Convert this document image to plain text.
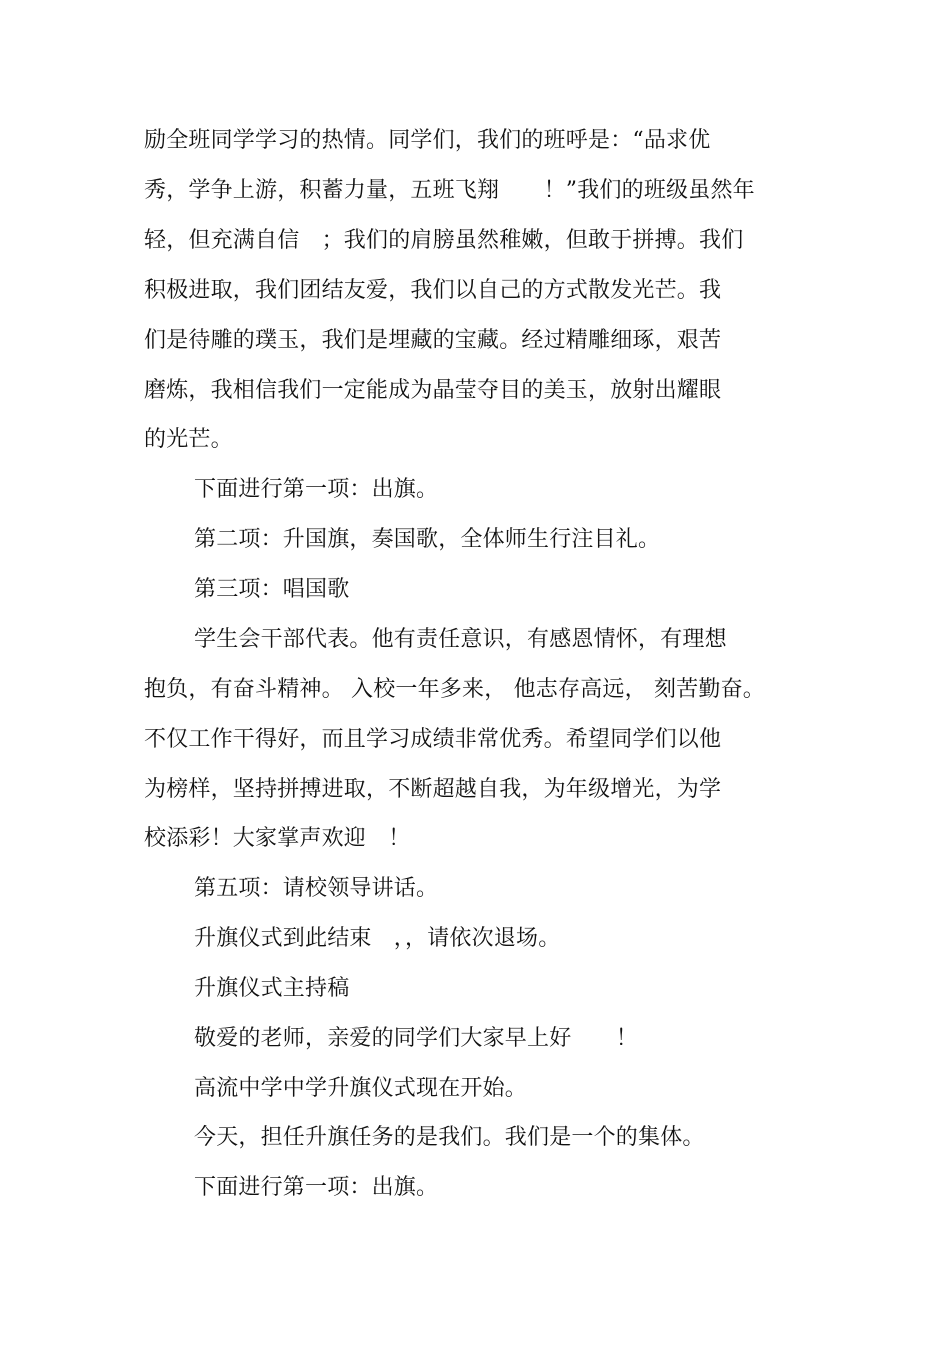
励全班同学学习的热情。同学们，我们的班呼是：“品求优
秀，学争上游，积蓄力量，五班飞翔　　！”我们的班级虽然年
轻，但充满自信　；我们的肩膀虽然稚嫩，但敢于拼搏。我们
积极进取，我们团结友爱，我们以自己的方式散发光芒。我
们是待雕的璞玉，我们是埋藏的宝藏。经过精雕细琢，艰苦
磨炼，我相信我们一定能成为晶莹夺目的美玉，放射出耀眼
的光芒。
下面进行第一项：出旗。
第二项：升国旗，奏国歌，全体师生行注目礼。
第三项：唱国歌
学生会干部代表。他有责任意识，有感恩情怀，有理想
抱负，有奋斗精神。 入校一年多来， 他志存高远， 刻苦勤奋。
不仅工作干得好，而且学习成绩非常优秀。希望同学们以他
为榜样，坚持拼搏进取，不断超越自我，为年级增光，为学
校添彩！大家掌声欢迎　！
第五项：请校领导讲话。
升旗仪式到此结束　，，请依次退场。
升旗仪式主持稿
敬爱的老师，亲爱的同学们大家早上好　　！
高流中学中学升旗仪式现在开始。
今天，担任升旗任务的是我们。我们是一个的集体。
下面进行第一项：出旗。
